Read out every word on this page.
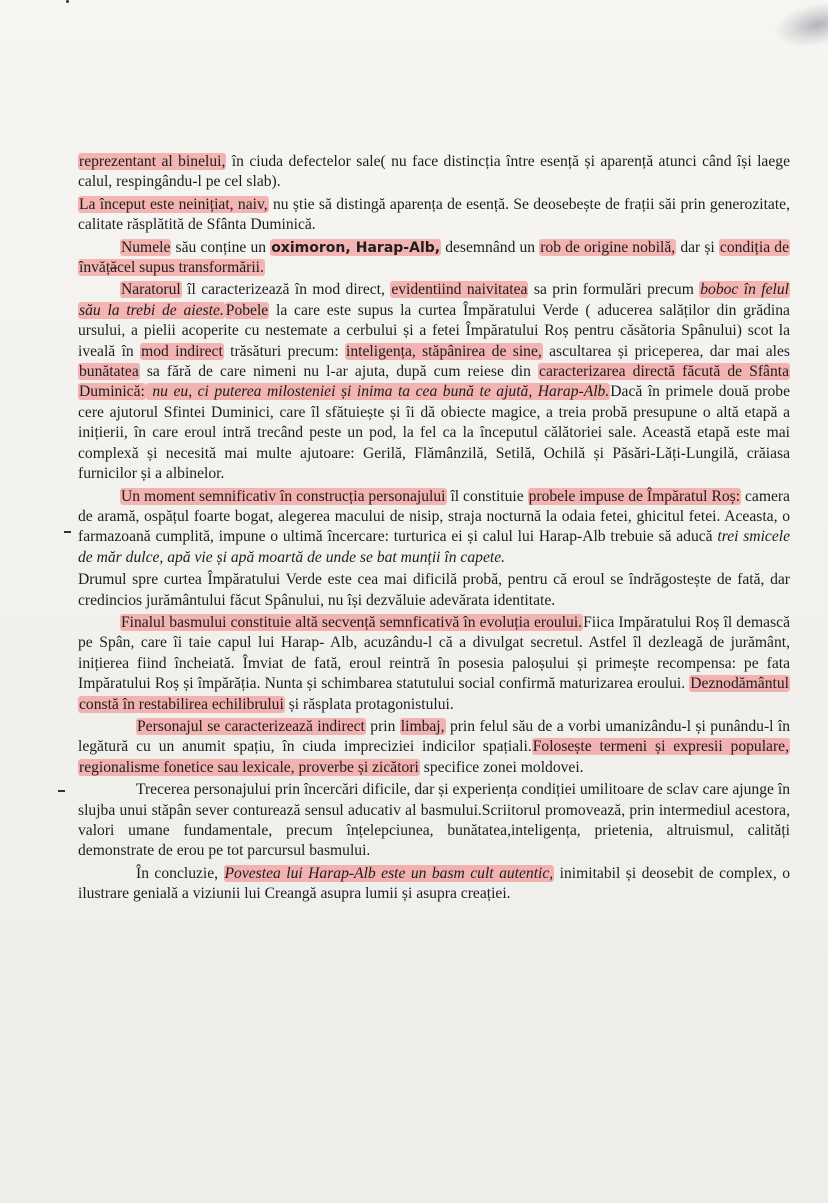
reprezentant al binelui, în ciuda defectelor sale( nu face distincția între esență și aparență atunci când își laege calul, respingându-l pe cel slab).

La început este neinițiat, naiv, nu știe să distingă aparența de esență. Se deosebește de frații săi prin generozitate, calitate răsplătită de Sfânta Duminică.

Numele său conține un oximoron, Harap-Alb, desemnând un rob de origine nobilă, dar și condiția de învățăcel supus transformării.

Naratorul îl caracterizează în mod direct, evidentiind naivitatea sa prin formulări precum boboc în felul său la trebi de aieste. Pobele la care este supus la curtea Împăratului Verde ( aducerea salăților din grădina ursului, a pielii acoperite cu nestemate a cerbului și a fetei Împăratului Roș pentru căsătoria Spânului) scot la iveală în mod indirect trăsături precum: inteligența, stăpânirea de sine, ascultarea și priceperea, dar mai ales bunătatea sa fără de care nimeni nu l-ar ajuta, după cum reiese din caracterizarea directă făcută de Sfânta Duminică: nu eu, ci puterea milosteniei și inima ta cea bună te ajută, Harap-Alb.Dacă în primele două probe cere ajutorul Sfintei Duminici, care îl sfătuiește și îi dă obiecte magice, a treia probă presupune o altă etapă a inițierii, în care eroul intră trecând peste un pod, la fel ca la începutul călătoriei sale. Această etapă este mai complexă și necesită mai multe ajutoare: Gerilă, Flămânzilă, Setilă, Ochilă și Păsări-Lăți-Lungilă, crăiasa furnicilor și a albinelor.

Un moment semnificativ în construcția personajului îl constituie probele impuse de Împăratul Roș: camera de aramă, ospățul foarte bogat, alegerea macului de nisip, straja nocturnă la odaia fetei, ghicitul fetei. Aceasta, o farmazoană cumplită, impune o ultimă încercare: turturica ei și calul lui Harap-Alb trebuie să aducă trei smicele de măr dulce, apă vie și apă moartă de unde se bat munții în capete.

Drumul spre curtea Împăratului Verde este cea mai dificilă probă, pentru că eroul se îndrăgostește de fată, dar credincios jurământului făcut Spânului, nu își dezvăluie adevărata identitate.

Finalul basmului constituie altă secvență semnficativă în evoluția eroului.Fiica Impăratului Roș îl demască pe Spân, care îi taie capul lui Harap- Alb, acuzându-l că a divulgat secretul. Astfel îl dezleagă de jurământ, inițierea fiind încheiată. Îmviat de fată, eroul reintră în posesia paloșului și primește recompensa: pe fata Impăratului Roș și împărăția. Nunta și schimbarea statutului social confirmă maturizarea eroului. Deznodământul constă în restabilirea echilibrului și răsplata protagonistului.

Personajul se caracterizează indirect prin limbaj, prin felul său de a vorbi umanizându-l și punându-l în legătură cu un anumit spațiu, în ciuda impreciziei indicilor spațiali.Folosește termeni și expresii populare, regionalisme fonetice sau lexicale, proverbe și zicători specifice zonei moldovei.

Trecerea personajului prin încercări dificile, dar și experiența condiției umilitoare de sclav care ajunge în slujba unui stăpân sever conturează sensul aducativ al basmului.Scriitorul promovează, prin intermediul acestora, valori umane fundamentale, precum înțelepciunea, bunătatea,inteligența, prietenia, altruismul, calități demonstrate de erou pe tot parcursul basmului.

În concluzie, Povestea lui Harap-Alb este un basm cult autentic, inimitabil și deosebit de complex, o ilustrare genială a viziunii lui Creangă asupra lumii și asupra creației.
